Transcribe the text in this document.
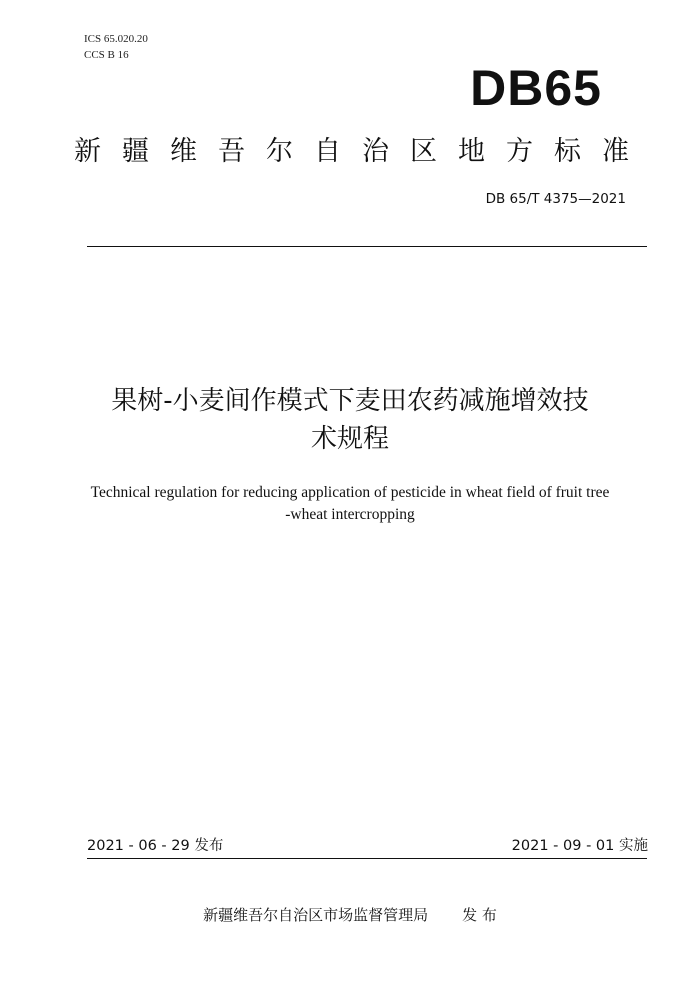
ICS 65.020.20
CCS B 16
DB65
新疆维吾尔自治区地方标准
DB 65/T 4375—2021
果树-小麦间作模式下麦田农药减施增效技
术规程
Technical regulation for reducing application of pesticide in wheat field of fruit tree
-wheat intercropping
2021 - 06 - 29 发布	2021 - 09 - 01 实施
新疆维吾尔自治区市场监督管理局 发 布
